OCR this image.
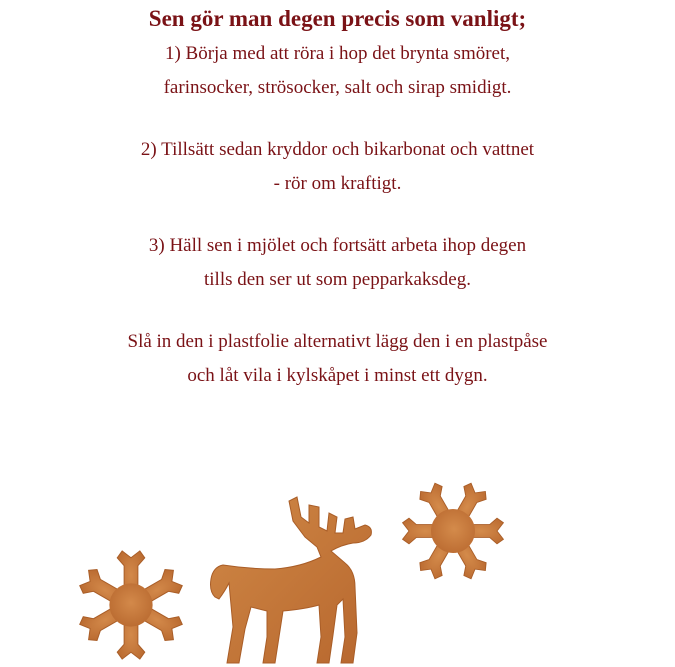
Sen gör man degen precis som vanligt;
1) Börja med att röra i hop det brynta smöret,
farinsocker, strösocker, salt och sirap smidigt.
2) Tillsätt sedan kryddor och bikarbonat och vattnet
- rör om kraftigt.
3) Häll sen i mjölet och fortsätt arbeta ihop degen
tills den ser ut som pepparkaksdeg.
Slå in den i plastfolie alternativt lägg den i en plastpåse
och låt vila i kylskåpet i minst ett dygn.
